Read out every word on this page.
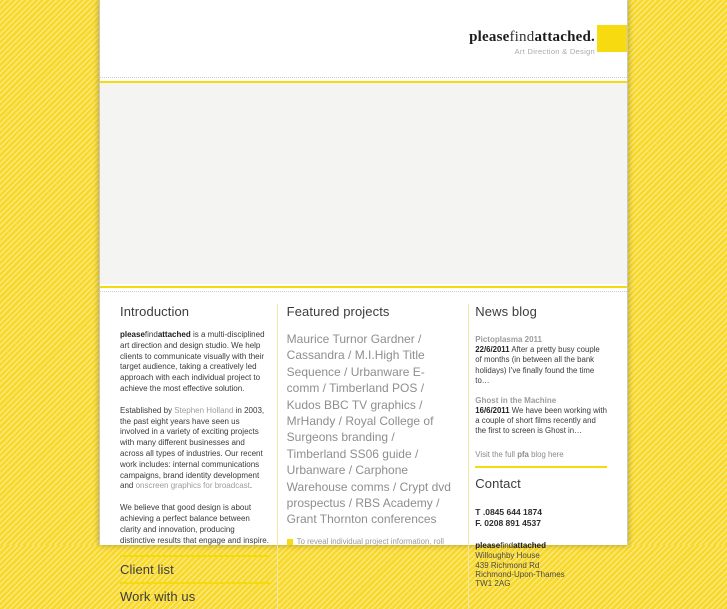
pleasefindattached.
Art Direction & Design
Introduction

pleasefindattached is a multi-disciplined art direction and design studio. We help clients to communicate visually with their target audience, taking a creatively led approach with each individual project to achieve the most effective solution.

Established by Stephen Holland in 2003, the past eight years have seen us involved in a variety of exciting projects with many different businesses and across all types of industries. Our recent work includes: internal communications campaigns, brand identity development and onscreen graphics for broadcast.

We believe that good design is about achieving a perfect balance between clarity and innovation, producing distinctive results that engage and inspire.

Client list
Work with us
Featured projects

Maurice Turnor Gardner / Cassandra / M.I.High Title Sequence / Urbanware E-comm / Timberland POS / Kudos BBC TV graphics / MrHandy / Royal College of Surgeons branding / Timberland SS06 guide / Urbanware / Carphone Warehouse comms / Crypt dvd prospectus / RBS Academy / Grant Thornton conferences

To reveal individual project information, roll

News blog
Pictoplasma 2011

22/6/2011 After a pretty busy couple of months (in between all the bank holidays) I've finally found the time to…

Ghost in the Machine

16/6/2011 We have been working with a couple of short films recently and the first to screen is Ghost in…

Visit the full pfa blog here
Contact
T .0845 644 1874
F. 0208 891 4537
pleasefindattached
Willoughby House
439 Richmond Rd
Richmond-Upon-Thames
TW1 2AG
